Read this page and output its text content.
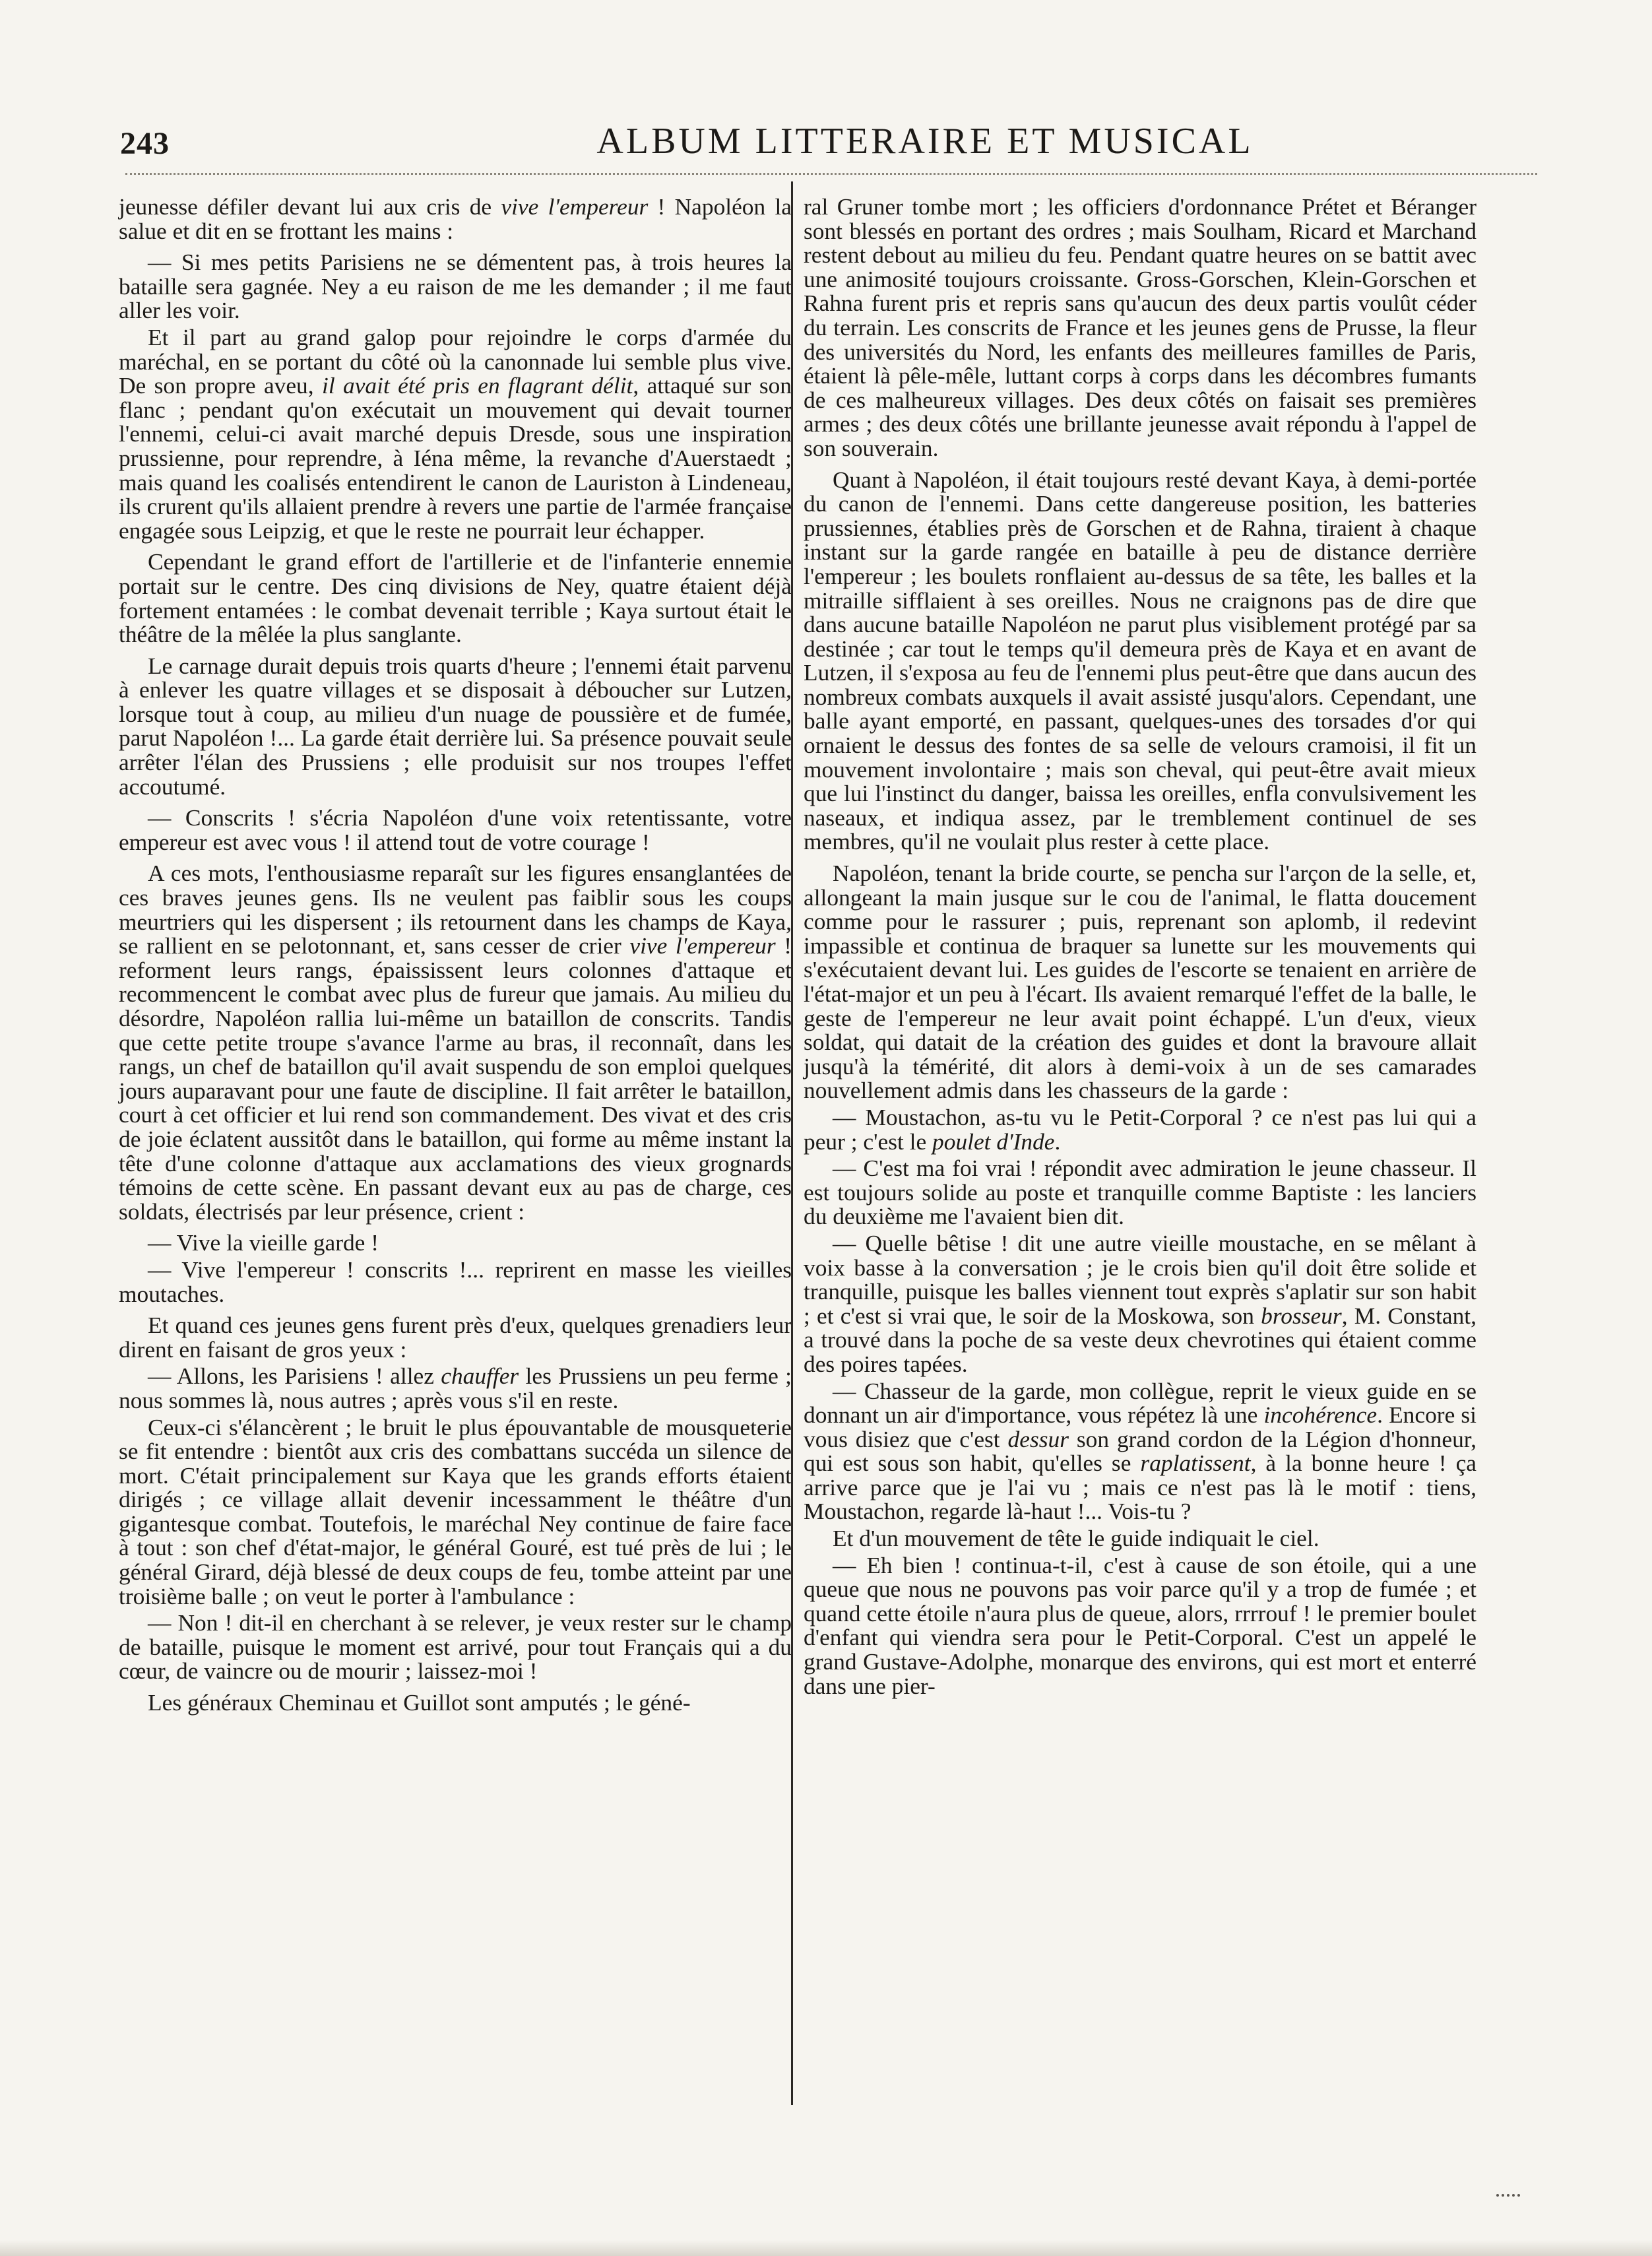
243	ALBUM LITTERAIRE ET MUSICAL

jeunesse défiler devant lui aux cris de vive l'empereur ! Napoléon la salue et dit en se frottant les mains :

— Si mes petits Parisiens ne se démentent pas, à trois heures la bataille sera gagnée. Ney a eu raison de me les demander ; il me faut aller les voir.

Et il part au grand galop pour rejoindre le corps d'armée du maréchal, en se portant du côté où la canonnade lui semble plus vive. De son propre aveu, il avait été pris en flagrant délit, attaqué sur son flanc ; pendant qu'on exécutait un mouvement qui devait tourner l'ennemi, celui-ci avait marché depuis Dresde, sous une inspiration prussienne, pour reprendre, à Iéna même, la revanche d'Auerstaedt ; mais quand les coalisés entendirent le canon de Lauriston à Lindeneau, ils crurent qu'ils allaient prendre à revers une partie de l'armée française engagée sous Leipzig, et que le reste ne pourrait leur échapper.

Cependant le grand effort de l'artillerie et de l'infanterie ennemie portait sur le centre. Des cinq divisions de Ney, quatre étaient déjà fortement entamées : le combat devenait terrible ; Kaya surtout était le théâtre de la mêlée la plus sanglante.

Le carnage durait depuis trois quarts d'heure ; l'ennemi était parvenu à enlever les quatre villages et se disposait à déboucher sur Lutzen, lorsque tout à coup, au milieu d'un nuage de poussière et de fumée, parut Napoléon !... La garde était derrière lui. Sa présence pouvait seule arrêter l'élan des Prussiens ; elle produisit sur nos troupes l'effet accoutumé.

— Conscrits ! s'écria Napoléon d'une voix retentissante, votre empereur est avec vous ! il attend tout de votre courage !

A ces mots, l'enthousiasme reparaît sur les figures ensanglantées de ces braves jeunes gens. Ils ne veulent pas faiblir sous les coups meurtriers qui les dispersent ; ils retournent dans les champs de Kaya, se rallient en se pelotonnant, et, sans cesser de crier vive l'empereur ! reforment leurs rangs, épaississent leurs colonnes d'attaque et recommencent le combat avec plus de fureur que jamais. Au milieu du désordre, Napoléon rallia lui-même un bataillon de conscrits. Tandis que cette petite troupe s'avance l'arme au bras, il reconnaît, dans les rangs, un chef de bataillon qu'il avait suspendu de son emploi quelques jours auparavant pour une faute de discipline. Il fait arrêter le bataillon, court à cet officier et lui rend son commandement. Des vivat et des cris de joie éclatent aussitôt dans le bataillon, qui forme au même instant la tête d'une colonne d'attaque aux acclamations des vieux grognards témoins de cette scène. En passant devant eux au pas de charge, ces soldats, électrisés par leur présence, crient :

— Vive la vieille garde !

— Vive l'empereur ! conscrits !... reprirent en masse les vieilles moutaches.

Et quand ces jeunes gens furent près d'eux, quelques grenadiers leur dirent en faisant de gros yeux :

— Allons, les Parisiens ! allez chauffer les Prussiens un peu ferme ; nous sommes là, nous autres ; après vous s'il en reste.

Ceux-ci s'élancèrent ; le bruit le plus épouvantable de mousqueterie se fit entendre : bientôt aux cris des combattans succéda un silence de mort. C'était principalement sur Kaya que les grands efforts étaient dirigés ; ce village allait devenir incessamment le théâtre d'un gigantesque combat. Toutefois, le maréchal Ney continue de faire face à tout : son chef d'état-major, le général Gouré, est tué près de lui ; le général Girard, déjà blessé de deux coups de feu, tombe atteint par une troisième balle ; on veut le porter à l'ambulance :

— Non ! dit-il en cherchant à se relever, je veux rester sur le champ de bataille, puisque le moment est arrivé, pour tout Français qui a du cœur, de vaincre ou de mourir ; laissez-moi !

Les généraux Cheminau et Guillot sont amputés ; le géné-

ral Gruner tombe mort ; les officiers d'ordonnance Prétet et Béranger sont blessés en portant des ordres ; mais Soulham, Ricard et Marchand restent debout au milieu du feu. Pendant quatre heures on se battit avec une animosité toujours croissante. Gross-Gorschen, Klein-Gorschen et Rahna furent pris et repris sans qu'aucun des deux partis voulût céder du terrain. Les conscrits de France et les jeunes gens de Prusse, la fleur des universités du Nord, les enfants des meilleures familles de Paris, étaient là pêle-mêle, luttant corps à corps dans les décombres fumants de ces malheureux villages. Des deux côtés on faisait ses premières armes ; des deux côtés une brillante jeunesse avait répondu à l'appel de son souverain.

Quant à Napoléon, il était toujours resté devant Kaya, à demi-portée du canon de l'ennemi. Dans cette dangereuse position, les batteries prussiennes, établies près de Gorschen et de Rahna, tiraient à chaque instant sur la garde rangée en bataille à peu de distance derrière l'empereur ; les boulets ronflaient au-dessus de sa tête, les balles et la mitraille sifflaient à ses oreilles. Nous ne craignons pas de dire que dans aucune bataille Napoléon ne parut plus visiblement protégé par sa destinée ; car tout le temps qu'il demeura près de Kaya et en avant de Lutzen, il s'exposa au feu de l'ennemi plus peut-être que dans aucun des nombreux combats auxquels il avait assisté jusqu'alors. Cependant, une balle ayant emporté, en passant, quelques-unes des torsades d'or qui ornaient le dessus des fontes de sa selle de velours cramoisi, il fit un mouvement involontaire ; mais son cheval, qui peut-être avait mieux que lui l'instinct du danger, baissa les oreilles, enfla convulsivement les naseaux, et indiqua assez, par le tremblement continuel de ses membres, qu'il ne voulait plus rester à cette place.

Napoléon, tenant la bride courte, se pencha sur l'arçon de la selle, et, allongeant la main jusque sur le cou de l'animal, le flatta doucement comme pour le rassurer ; puis, reprenant son aplomb, il redevint impassible et continua de braquer sa lunette sur les mouvements qui s'exécutaient devant lui. Les guides de l'escorte se tenaient en arrière de l'état-major et un peu à l'écart. Ils avaient remarqué l'effet de la balle, le geste de l'empereur ne leur avait point échappé. L'un d'eux, vieux soldat, qui datait de la création des guides et dont la bravoure allait jusqu'à la témérité, dit alors à demi-voix à un de ses camarades nouvellement admis dans les chasseurs de la garde :

— Moustachon, as-tu vu le Petit-Corporal ? ce n'est pas lui qui a peur ; c'est le poulet d'Inde.

— C'est ma foi vrai ! répondit avec admiration le jeune chasseur. Il est toujours solide au poste et tranquille comme Baptiste : les lanciers du deuxième me l'avaient bien dit.

— Quelle bêtise ! dit une autre vieille moustache, en se mêlant à voix basse à la conversation ; je le crois bien qu'il doit être solide et tranquille, puisque les balles viennent tout exprès s'aplatir sur son habit ; et c'est si vrai que, le soir de la Moskowa, son brosseur, M. Constant, a trouvé dans la poche de sa veste deux chevrotines qui étaient comme des poires tapées.

— Chasseur de la garde, mon collègue, reprit le vieux guide en se donnant un air d'importance, vous répétez là une incohérence. Encore si vous disiez que c'est dessur son grand cordon de la Légion d'honneur, qui est sous son habit, qu'elles se raplatissent, à la bonne heure ! ça arrive parce que je l'ai vu ; mais ce n'est pas là le motif : tiens, Moustachon, regarde là-haut !... Vois-tu ?

Et d'un mouvement de tête le guide indiquait le ciel.

— Eh bien ! continua-t-il, c'est à cause de son étoile, qui a une queue que nous ne pouvons pas voir parce qu'il y a trop de fumée ; et quand cette étoile n'aura plus de queue, alors, rrrrouf ! le premier boulet d'enfant qui viendra sera pour le Petit-Corporal. C'est un appelé le grand Gustave-Adolphe, monarque des environs, qui est mort et enterré dans une pier-
